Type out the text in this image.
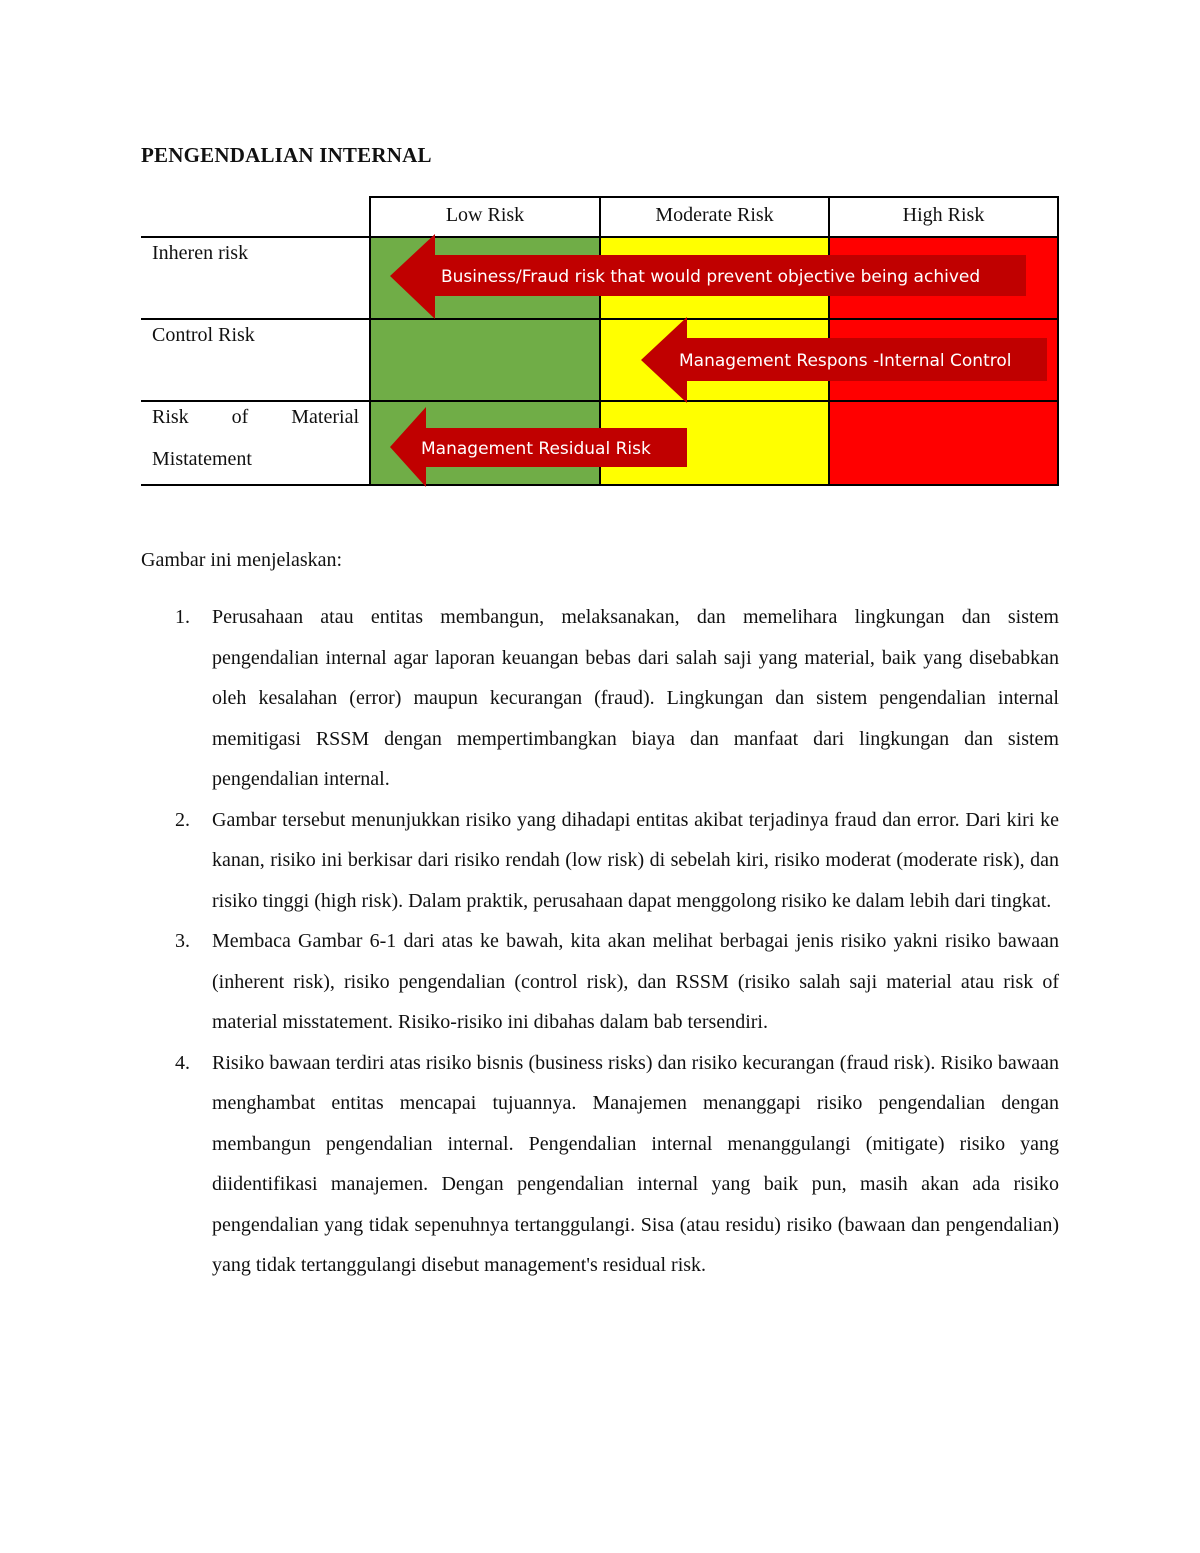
PENGENDALIAN INTERNAL
Low Risk	Moderate Risk	High Risk
Inheren risk
Control Risk
Risk of Material
Mistatement
Business/Fraud risk that would prevent objective being achived
Management Respons -Internal Control
Management Residual Risk
Gambar ini menjelaskan:
1. Perusahaan atau entitas membangun, melaksanakan, dan memelihara lingkungan dan sistem pengendalian internal agar laporan keuangan bebas dari salah saji yang material, baik yang disebabkan oleh kesalahan (error) maupun kecurangan (fraud). Lingkungan dan sistem pengendalian internal memitigasi RSSM dengan mempertimbangkan biaya dan manfaat dari lingkungan dan sistem pengendalian internal.
2. Gambar tersebut menunjukkan risiko yang dihadapi entitas akibat terjadinya fraud dan error. Dari kiri ke kanan, risiko ini berkisar dari risiko rendah (low risk) di sebelah kiri, risiko moderat (moderate risk), dan risiko tinggi (high risk). Dalam praktik, perusahaan dapat menggolong risiko ke dalam lebih dari tingkat.
3. Membaca Gambar 6-1 dari atas ke bawah, kita akan melihat berbagai jenis risiko yakni risiko bawaan (inherent risk), risiko pengendalian (control risk), dan RSSM (risiko salah saji material atau risk of material misstatement. Risiko-risiko ini dibahas dalam bab tersendiri.
4. Risiko bawaan terdiri atas risiko bisnis (business risks) dan risiko kecurangan (fraud risk). Risiko bawaan menghambat entitas mencapai tujuannya. Manajemen menanggapi risiko pengendalian dengan membangun pengendalian internal. Pengendalian internal menanggulangi (mitigate) risiko yang diidentifikasi manajemen. Dengan pengendalian internal yang baik pun, masih akan ada risiko pengendalian yang tidak sepenuhnya tertanggulangi. Sisa (atau residu) risiko (bawaan dan pengendalian) yang tidak tertanggulangi disebut management's residual risk.
